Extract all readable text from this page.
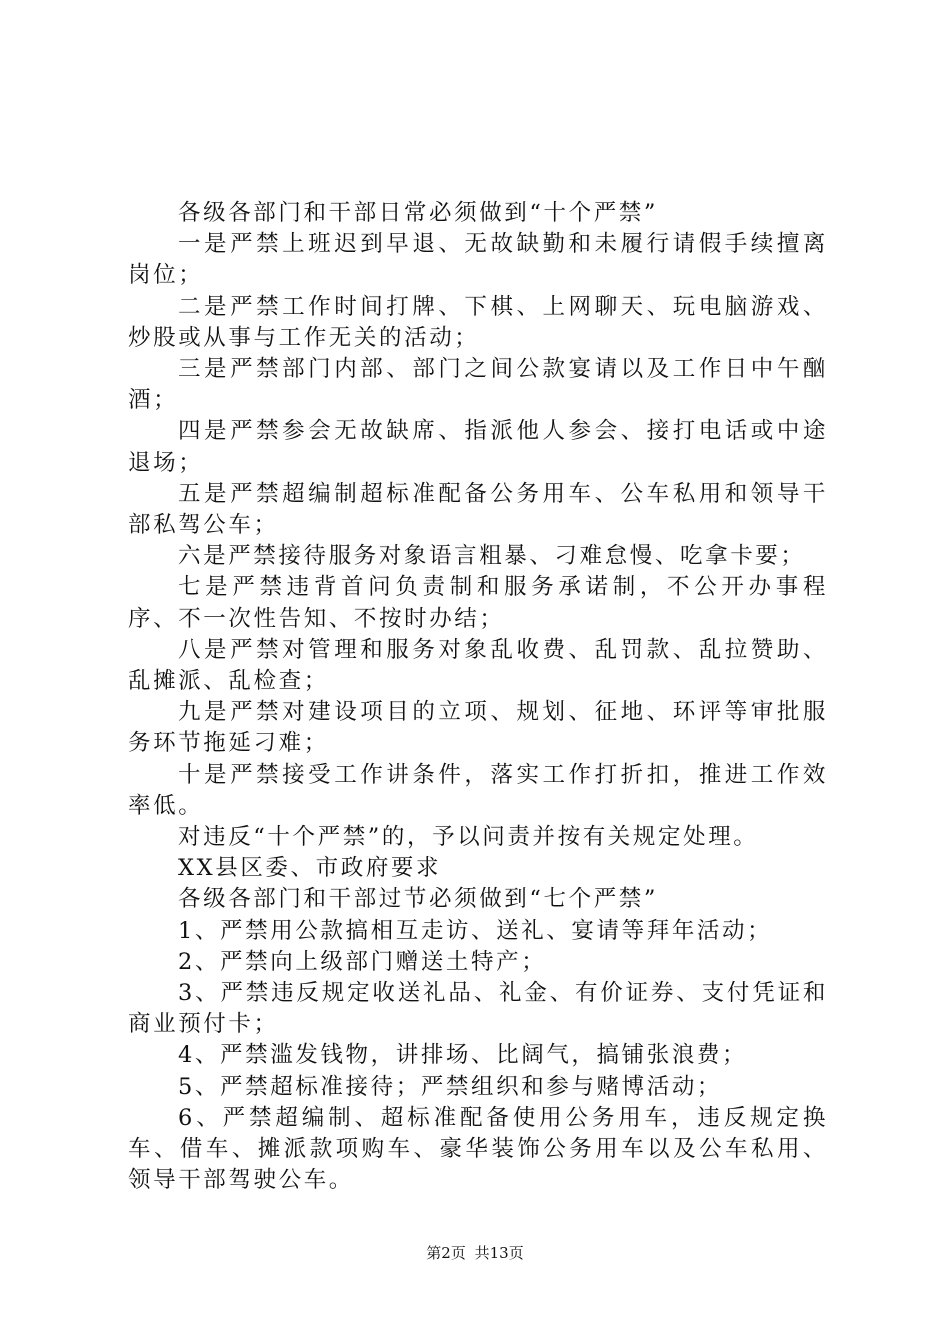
各级各部门和干部日常必须做到“十个严禁”

一是严禁上班迟到早退、无故缺勤和未履行请假手续擅离岗位；

二是严禁工作时间打牌、下棋、上网聊天、玩电脑游戏、炒股或从事与工作无关的活动；

三是严禁部门内部、部门之间公款宴请以及工作日中午酗酒；

四是严禁参会无故缺席、指派他人参会、接打电话或中途退场；

五是严禁超编制超标准配备公务用车、公车私用和领导干部私驾公车；

六是严禁接待服务对象语言粗暴、刁难怠慢、吃拿卡要；

七是严禁违背首问负责制和服务承诺制，不公开办事程序、不一次性告知、不按时办结；

八是严禁对管理和服务对象乱收费、乱罚款、乱拉赞助、乱摊派、乱检查；

九是严禁对建设项目的立项、规划、征地、环评等审批服务环节拖延刁难；

十是严禁接受工作讲条件，落实工作打折扣，推进工作效率低。

对违反“十个严禁”的，予以问责并按有关规定处理。

XX县区委、市政府要求

各级各部门和干部过节必须做到“七个严禁”

1、严禁用公款搞相互走访、送礼、宴请等拜年活动；

2、严禁向上级部门赠送土特产；

3、严禁违反规定收送礼品、礼金、有价证券、支付凭证和商业预付卡；

4、严禁滥发钱物，讲排场、比阔气，搞铺张浪费；

5、严禁超标准接待；严禁组织和参与赌博活动；

6、严禁超编制、超标准配备使用公务用车，违反规定换车、借车、摊派款项购车、豪华装饰公务用车以及公车私用、领导干部驾驶公车。

第2页 共13页
